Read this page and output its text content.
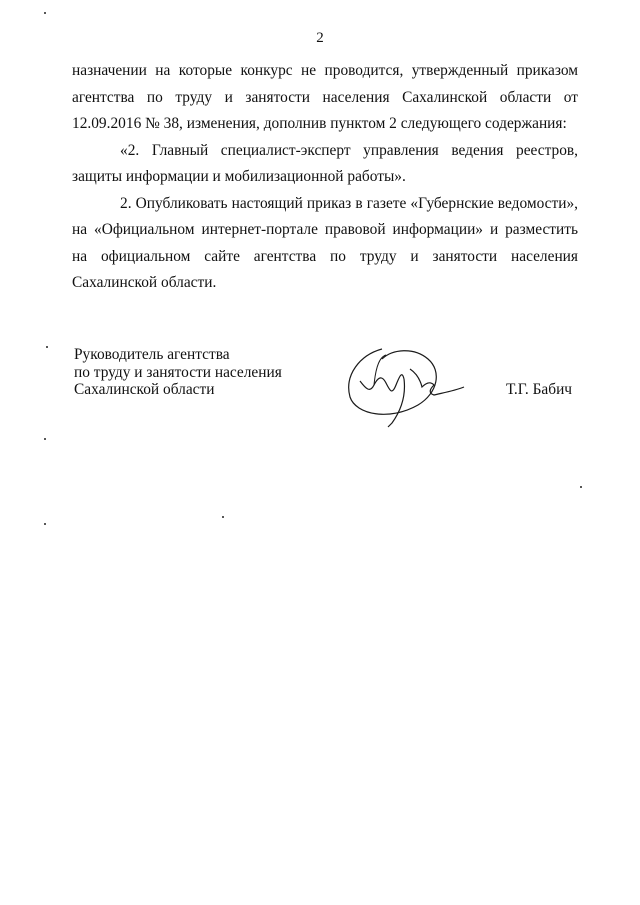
2

назначении на которые конкурс не проводится, утвержденный приказом агентства по труду и занятости населения Сахалинской области от 12.09.2016 № 38, изменения, дополнив пунктом 2 следующего содержания:

«2. Главный специалист-эксперт управления ведения реестров, защиты информации и мобилизационной работы».

2. Опубликовать настоящий приказ в газете «Губернские ведомости», на «Официальном интернет-портале правовой информации» и разместить на официальном сайте агентства по труду и занятости населения Сахалинской области.

Руководитель агентства
по труду и занятости населения
Сахалинской области	Т.Г. Бабич
